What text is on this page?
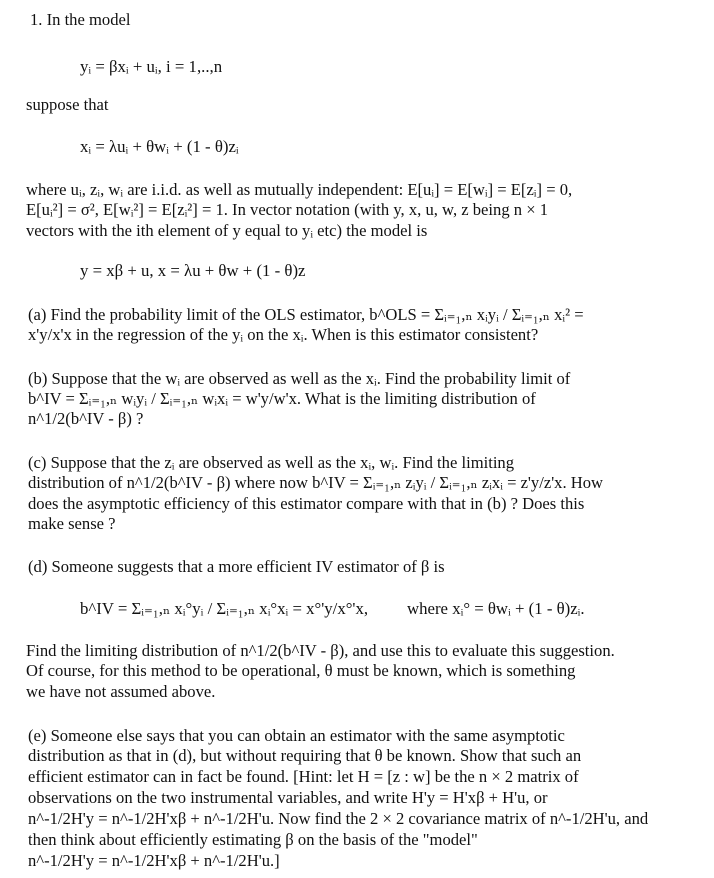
1. In the model
yᵢ = βxᵢ + uᵢ, i = 1,..,n
suppose that
xᵢ = λuᵢ + θwᵢ + (1 - θ)zᵢ
where uᵢ, zᵢ, wᵢ are i.i.d. as well as mutually independent: E[uᵢ] = E[wᵢ] = E[zᵢ] = 0,
E[uᵢ²] = σ², E[wᵢ²] = E[zᵢ²] = 1. In vector notation (with y, x, u, w, z being n × 1
vectors with the ith element of y equal to yᵢ etc) the model is
y = xβ + u, x = λu + θw + (1 - θ)z
(a) Find the probability limit of the OLS estimator, b^OLS = Σᵢ₌₁,ₙ xᵢyᵢ / Σᵢ₌₁,ₙ xᵢ² =
x'y/x'x in the regression of the yᵢ on the xᵢ. When is this estimator consistent?
(b) Suppose that the wᵢ are observed as well as the xᵢ. Find the probability limit of
b^IV = Σᵢ₌₁,ₙ wᵢyᵢ / Σᵢ₌₁,ₙ wᵢxᵢ = w'y/w'x. What is the limiting distribution of
n^1/2(b^IV - β) ?
(c) Suppose that the zᵢ are observed as well as the xᵢ, wᵢ. Find the limiting
distribution of n^1/2(b^IV - β) where now b^IV = Σᵢ₌₁,ₙ zᵢyᵢ / Σᵢ₌₁,ₙ zᵢxᵢ = z'y/z'x. How
does the asymptotic efficiency of this estimator compare with that in (b) ? Does this
make sense ?
(d) Someone suggests that a more efficient IV estimator of β is
b^IV = Σᵢ₌₁,ₙ xᵢ°yᵢ / Σᵢ₌₁,ₙ xᵢ°xᵢ = x°'y/x°'x, where xᵢ° = θwᵢ + (1 - θ)zᵢ.
Find the limiting distribution of n^1/2(b^IV - β), and use this to evaluate this suggestion.
Of course, for this method to be operational, θ must be known, which is something
we have not assumed above.
(e) Someone else says that you can obtain an estimator with the same asymptotic
distribution as that in (d), but without requiring that θ be known. Show that such an
efficient estimator can in fact be found. [Hint: let H = [z : w] be the n × 2 matrix of
observations on the two instrumental variables, and write H'y = H'xβ + H'u, or
n^-1/2H'y = n^-1/2H'xβ + n^-1/2H'u. Now find the 2 × 2 covariance matrix of n^-1/2H'u, and
then think about efficiently estimating β on the basis of the "model"
n^-1/2H'y = n^-1/2H'xβ + n^-1/2H'u.]
